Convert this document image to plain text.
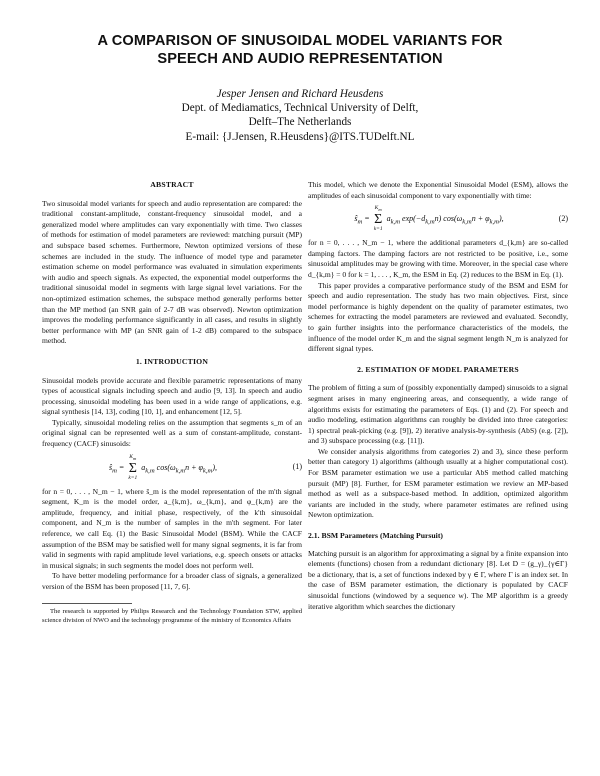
A COMPARISON OF SINUSOIDAL MODEL VARIANTS FOR
SPEECH AND AUDIO REPRESENTATION
Jesper Jensen and Richard Heusdens
Dept. of Mediamatics, Technical University of Delft,
Delft–The Netherlands
E-mail: {J.Jensen, R.Heusdens}@ITS.TUDelft.NL
ABSTRACT

Two sinusoidal model variants for speech and audio representation are compared: the traditional constant-amplitude, constant-frequency sinusoidal model, and a generalized model where amplitudes can vary exponentially with time. Two classes of methods for estimation of model parameters are reviewed: matching pursuit (MP) and subspace based schemes. Furthermore, Newton optimized versions of these schemes are included in the study. The influence of model type and parameter estimation scheme on model performance was evaluated in simulation experiments with audio and speech signals. As expected, the exponential model outperforms the traditional sinusoidal model in segments with large signal level variations. For the non-optimized estimation schemes, the subspace method generally performs better than the MP method (an SNR gain of 2-7 dB was observed). Newton optimization improves the modeling performance significantly in all cases, and results in slightly better performance with MP (an SNR gain of 1-2 dB) compared to the subspace method.

1. INTRODUCTION

Sinusoidal models provide accurate and flexible parametric representations of many types of acoustical signals including speech and audio [9, 13]. In speech and audio processing, sinusoidal modeling has been used in a wide range of applications, e.g. signal synthesis [14, 13], coding [10, 1], and enhancement [12, 5].

Typically, sinusoidal modeling relies on the assumption that segments s_m of an original signal can be represented well as a sum of constant-amplitude, constant-frequency (CACF) sinusoids:

$ŝ_m$ =
$K_m$
Σ
k=1
$a_{k,m}$ $\cos(\omega_{k,m}n + \varphi_{k,m})$,	(1)

for n = 0, . . . , N_m − 1, where ŝ_m is the model representation of the m'th signal segment, K_m is the model order, a_{k,m}, ω_{k,m}, and φ_{k,m} are the amplitude, frequency, and initial phase, respectively, of the k'th sinusoidal component, and N_m is the number of samples in the m'th segment. For later reference, we call Eq. (1) the Basic Sinusoidal Model (BSM). While the CACF assumption of the BSM may be satisfied well for many signal segments, it is far from valid in segments with rapid amplitude level variations, e.g. speech onsets or attacks in musical signals; in such segments the model does not perform well.

To have better modeling performance for a broader class of signals, a generalized version of the BSM has been proposed [11, 7, 6].

The research is supported by Philips Research and the Technology Foundation STW, applied science division of NWO and the technology programme of the ministry of Economics Affairs

This model, which we denote the Exponential Sinusoidal Model (ESM), allows the amplitudes of each sinusoidal component to vary exponentially with time:

$ŝ_m$ =
$K_m$
Σ
k=1
$a_{k,m}$ $\exp(-d_{k,m}n) \cos(\omega_{k,m}n + \varphi_{k,m})$,	(2)

for n = 0, . . . , N_m − 1, where the additional parameters d_{k,m} are so-called damping factors. The damping factors are not restricted to be positive, i.e., some sinusoidal amplitudes may be growing with time. Moreover, in the special case where d_{k,m} = 0 for k = 1, . . . , K_m, the ESM in Eq. (2) reduces to the BSM in Eq. (1).

This paper provides a comparative performance study of the BSM and ESM for speech and audio representation. The study has two main objectives. First, since model performance is highly dependent on the quality of parameter estimates, two schemes for extracting the model parameters are reviewed and evaluated. Secondly, to gain further insights into the performance characteristics of the models, the influence of the model order K_m and the signal segment length N_m is analyzed for different signal types.

2. ESTIMATION OF MODEL PARAMETERS

The problem of fitting a sum of (possibly exponentially damped) sinusoids to a signal segment arises in many engineering areas, and consequently, a wide range of algorithms exists for estimating the parameters of Eqs. (1) and (2). For speech and audio modeling, estimation algorithms can roughly be divided into three categories: 1) spectral peak-picking (e.g. [9]), 2) iterative analysis-by-synthesis (AbS) (e.g. [2]), and 3) subspace processing (e.g. [11]).

We consider analysis algorithms from categories 2) and 3), since these perform better than category 1) algorithms (although usually at a higher computational cost). For BSM parameter estimation we use a particular AbS method called matching pursuit (MP) [8]. Further, for ESM parameter estimation we review an MP-based method as well as a subspace-based method. In addition, optimized algorithm variants are included in the study, where parameter estimates are refined using Newton optimization.

2.1. BSM Parameters (Matching Pursuit)

Matching pursuit is an algorithm for approximating a signal by a finite expansion into elements (functions) chosen from a redundant dictionary [8]. Let D = (g_γ)_{γ∈Γ} be a dictionary, that is, a set of functions indexed by γ ∈ Γ, where Γ is an index set. In the case of BSM parameter estimation, the dictionary is populated by CACF sinusoidal functions (windowed by a sequence w). The MP algorithm is a greedy iterative algorithm which searches the dictionary
